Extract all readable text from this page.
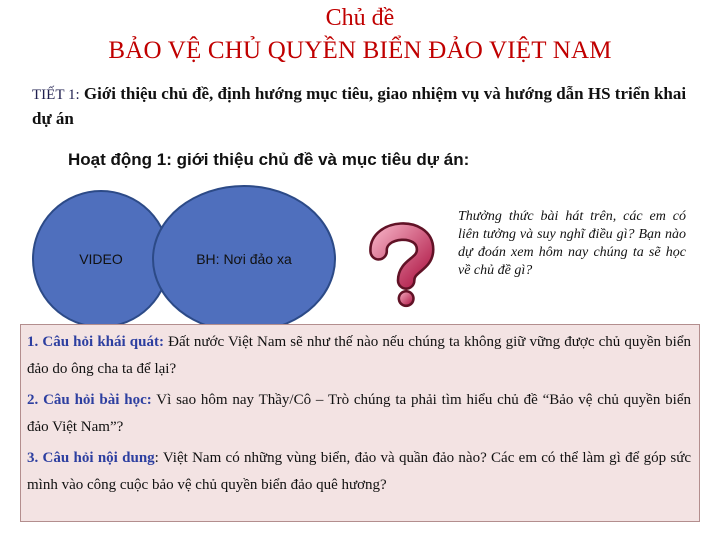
Chủ đề
BẢO VỆ CHỦ QUYỀN BIỂN ĐẢO VIỆT NAM
TIẾT 1: Giới thiệu chủ đề, định hướng mục tiêu, giao nhiệm vụ và hướng dẫn HS triển khai dự án
Hoạt động 1: giới thiệu chủ đề và mục tiêu dự án:
VIDEO	BH: Nơi đảo xa
Thưởng thức bài hát trên, các em có liên tưởng và suy nghĩ điều gì? Bạn nào dự đoán xem hôm nay chúng ta sẽ học về chủ đề gì?

1. Câu hỏi khái quát: Đất nước Việt Nam sẽ như thế nào nếu chúng ta không giữ vững được chủ quyền biển đảo do ông cha ta để lại?

2. Câu hỏi bài học: Vì sao hôm nay Thầy/Cô – Trò chúng ta phải tìm hiểu chủ đề “Bảo vệ chủ quyền biển đảo Việt Nam”?

3. Câu hỏi nội dung: Việt Nam có những vùng biển, đảo và quần đảo nào? Các em có thể làm gì để góp sức mình vào công cuộc bảo vệ chủ quyền biển đảo quê hương?
